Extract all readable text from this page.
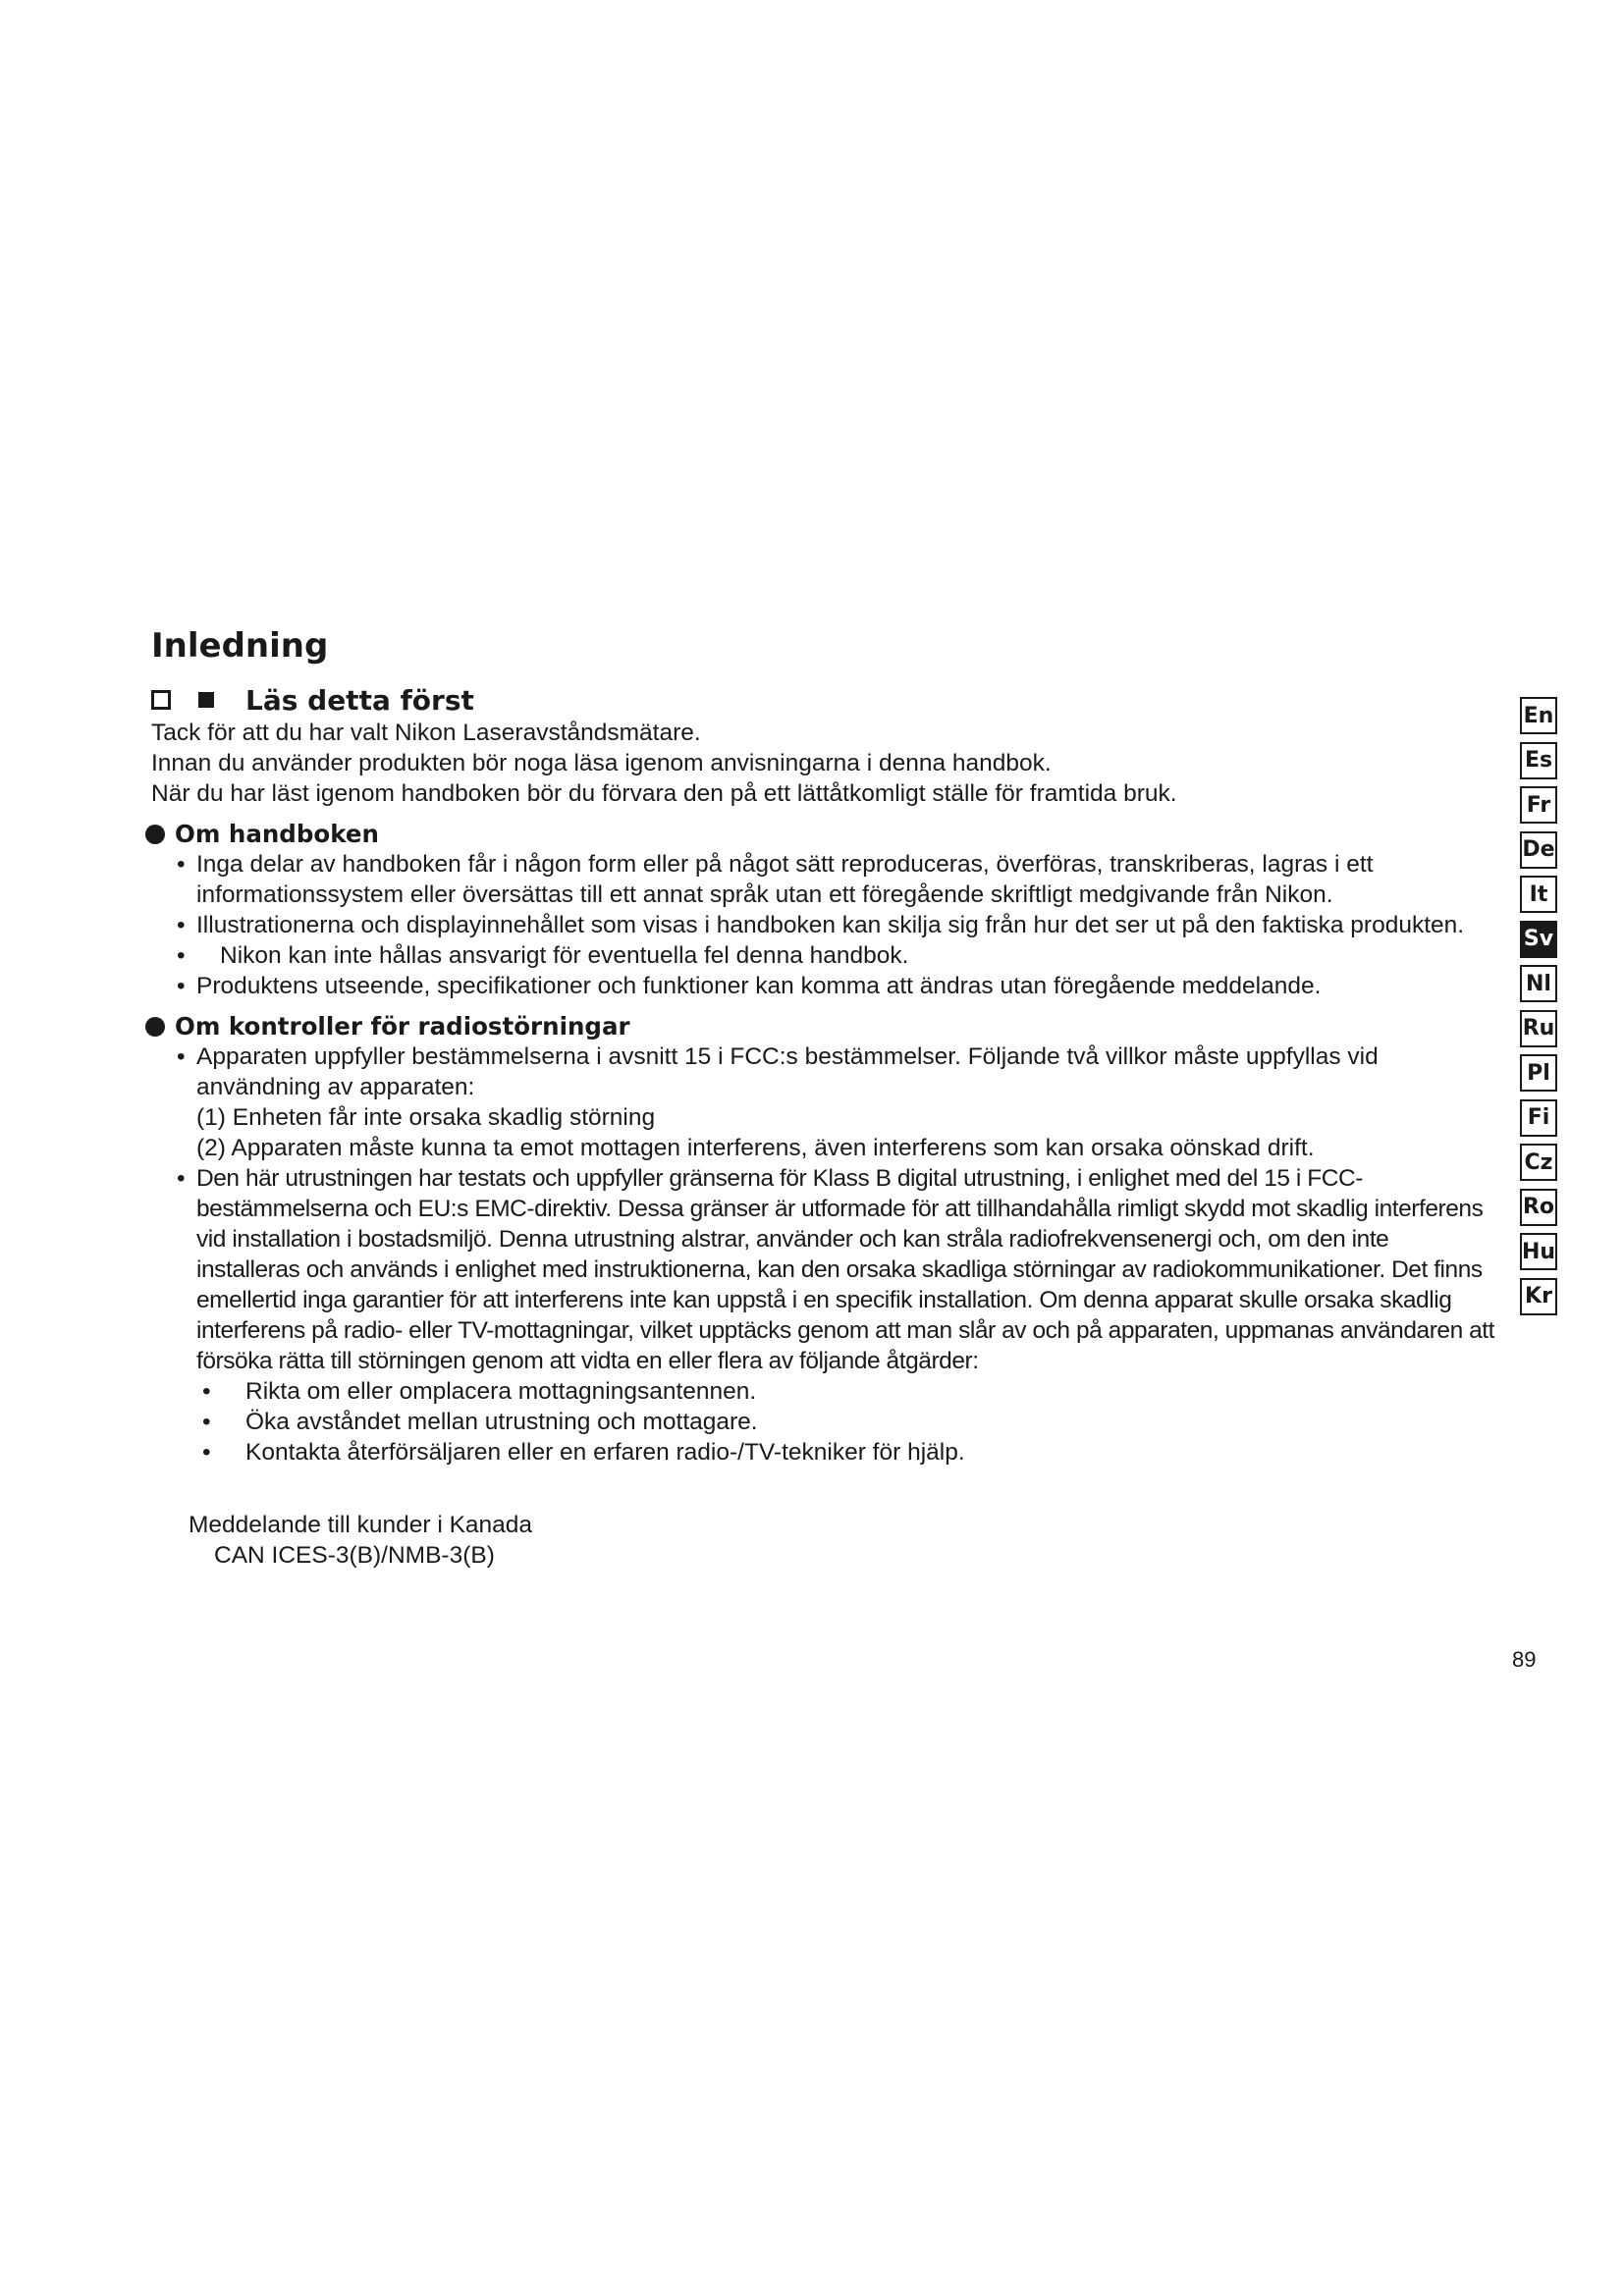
Inledning
Läs detta först

Tack för att du har valt Nikon Laseravståndsmätare.

Innan du använder produkten bör noga läsa igenom anvisningarna i denna handbok.

När du har läst igenom handboken bör du förvara den på ett lättåtkomligt ställe för framtida bruk.

Om handboken
• Inga delar av handboken får i någon form eller på något sätt reproduceras, överföras, transkriberas, lagras i ett informationssystem eller översättas till ett annat språk utan ett föregående skriftligt medgivande från Nikon.
• Illustrationerna och displayinnehållet som visas i handboken kan skilja sig från hur det ser ut på den faktiska produkten.
• Nikon kan inte hållas ansvarigt för eventuella fel denna handbok.
• Produktens utseende, specifikationer och funktioner kan komma att ändras utan föregående meddelande.
Om kontroller för radiostörningar
• Apparaten uppfyller bestämmelserna i avsnitt 15 i FCC:s bestämmelser. Följande två villkor måste uppfyllas vid användning av apparaten:
(1) Enheten får inte orsaka skadlig störning
(2) Apparaten måste kunna ta emot mottagen interferens, även interferens som kan orsaka oönskad drift.
• Den här utrustningen har testats och uppfyller gränserna för Klass B digital utrustning, i enlighet med del 15 i FCC-bestämmelserna och EU:s EMC-direktiv. Dessa gränser är utformade för att tillhandahålla rimligt skydd mot skadlig interferens vid installation i bostadsmiljö. Denna utrustning alstrar, använder och kan stråla radiofrekvensenergi och, om den inte installeras och används i enlighet med instruktionerna, kan den orsaka skadliga störningar av radiokommunikationer. Det finns emellertid inga garantier för att interferens inte kan uppstå i en specifik installation. Om denna apparat skulle orsaka skadlig interferens på radio- eller TV-mottagningar, vilket upptäcks genom att man slår av och på apparaten, uppmanas användaren att försöka rätta till störningen genom att vidta en eller flera av följande åtgärder:
• Rikta om eller omplacera mottagningsantennen.
• Öka avståndet mellan utrustning och mottagare.
• Kontakta återförsäljaren eller en erfaren radio-/TV-tekniker för hjälp.
Meddelande till kunder i Kanada
CAN ICES-3(B)/NMB-3(B)
En
Es
Fr
De
It
Sv
Nl
Ru
Pl
Fi
Cz
Ro
Hu
Kr
89
